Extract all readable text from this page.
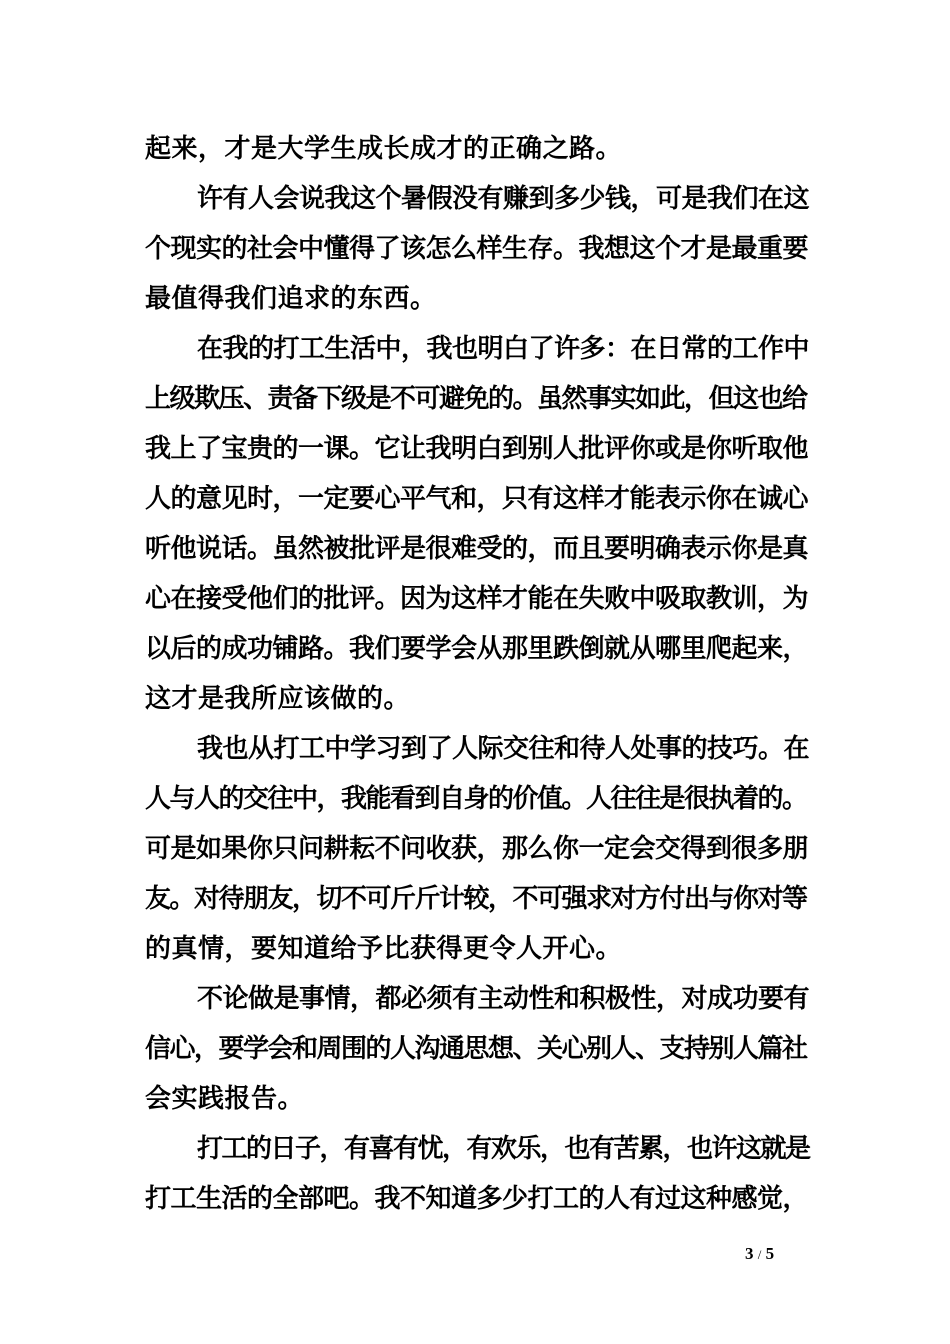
起来，才是大学生成长成才的正确之路。
许有人会说我这个暑假没有赚到多少钱，可是我们在这
个现实的社会中懂得了该怎么样生存。我想这个才是最重要
最值得我们追求的东西。
在我的打工生活中，我也明白了许多：在日常的工作中
上级欺压、责备下级是不可避免的。虽然事实如此，但这也给
我上了宝贵的一课。它让我明白到别人批评你或是你听取他
人的意见时，一定要心平气和，只有这样才能表示你在诚心
听他说话。虽然被批评是很难受的，而且要明确表示你是真
心在接受他们的批评。因为这样才能在失败中吸取教训，为
以后的成功铺路。我们要学会从那里跌倒就从哪里爬起来，
这才是我所应该做的。
我也从打工中学习到了人际交往和待人处事的技巧。在
人与人的交往中，我能看到自身的价值。人往往是很执着的。
可是如果你只问耕耘不问收获，那么你一定会交得到很多朋
友。对待朋友，切不可斤斤计较，不可强求对方付出与你对等
的真情，要知道给予比获得更令人开心。
不论做是事情，都必须有主动性和积极性，对成功要有
信心，要学会和周围的人沟通思想、关心别人、支持别人篇社
会实践报告。
打工的日子，有喜有忧，有欢乐，也有苦累，也许这就是
打工生活的全部吧。我不知道多少打工的人有过这种感觉，
3 / 5
